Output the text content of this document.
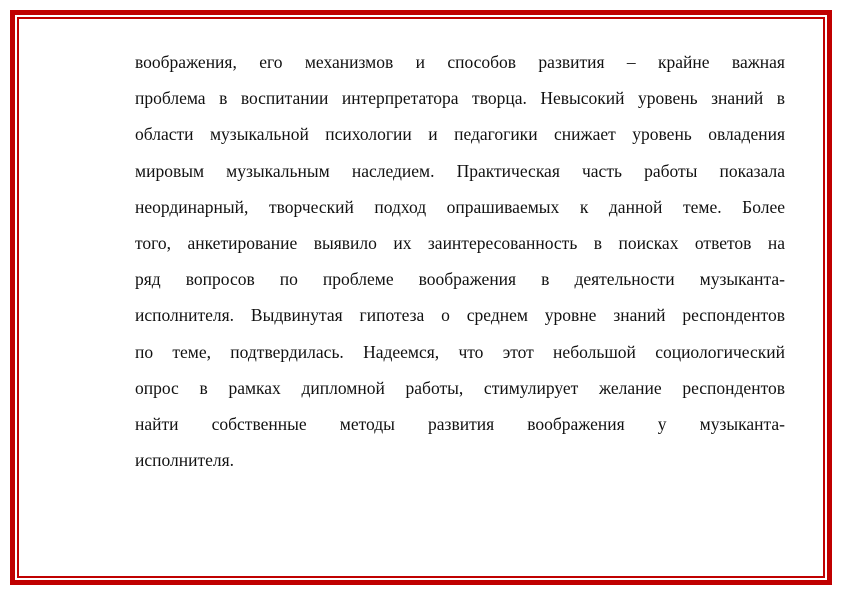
воображения, его механизмов и способов развития – крайне важная
проблема в воспитании интерпретатора творца. Невысокий уровень знаний в
области музыкальной психологии и педагогики снижает уровень овладения
мировым музыкальным наследием. Практическая часть работы показала
неординарный, творческий подход опрашиваемых к данной теме. Более
того, анкетирование выявило их заинтересованность в поисках ответов на
ряд вопросов по проблеме воображения в деятельности музыканта-
исполнителя. Выдвинутая гипотеза о среднем уровне знаний респондентов
по теме, подтвердилась. Надеемся, что этот небольшой социологический
опрос в рамках дипломной работы, стимулирует желание респондентов
найти собственные методы развития воображения у музыканта-
исполнителя.
